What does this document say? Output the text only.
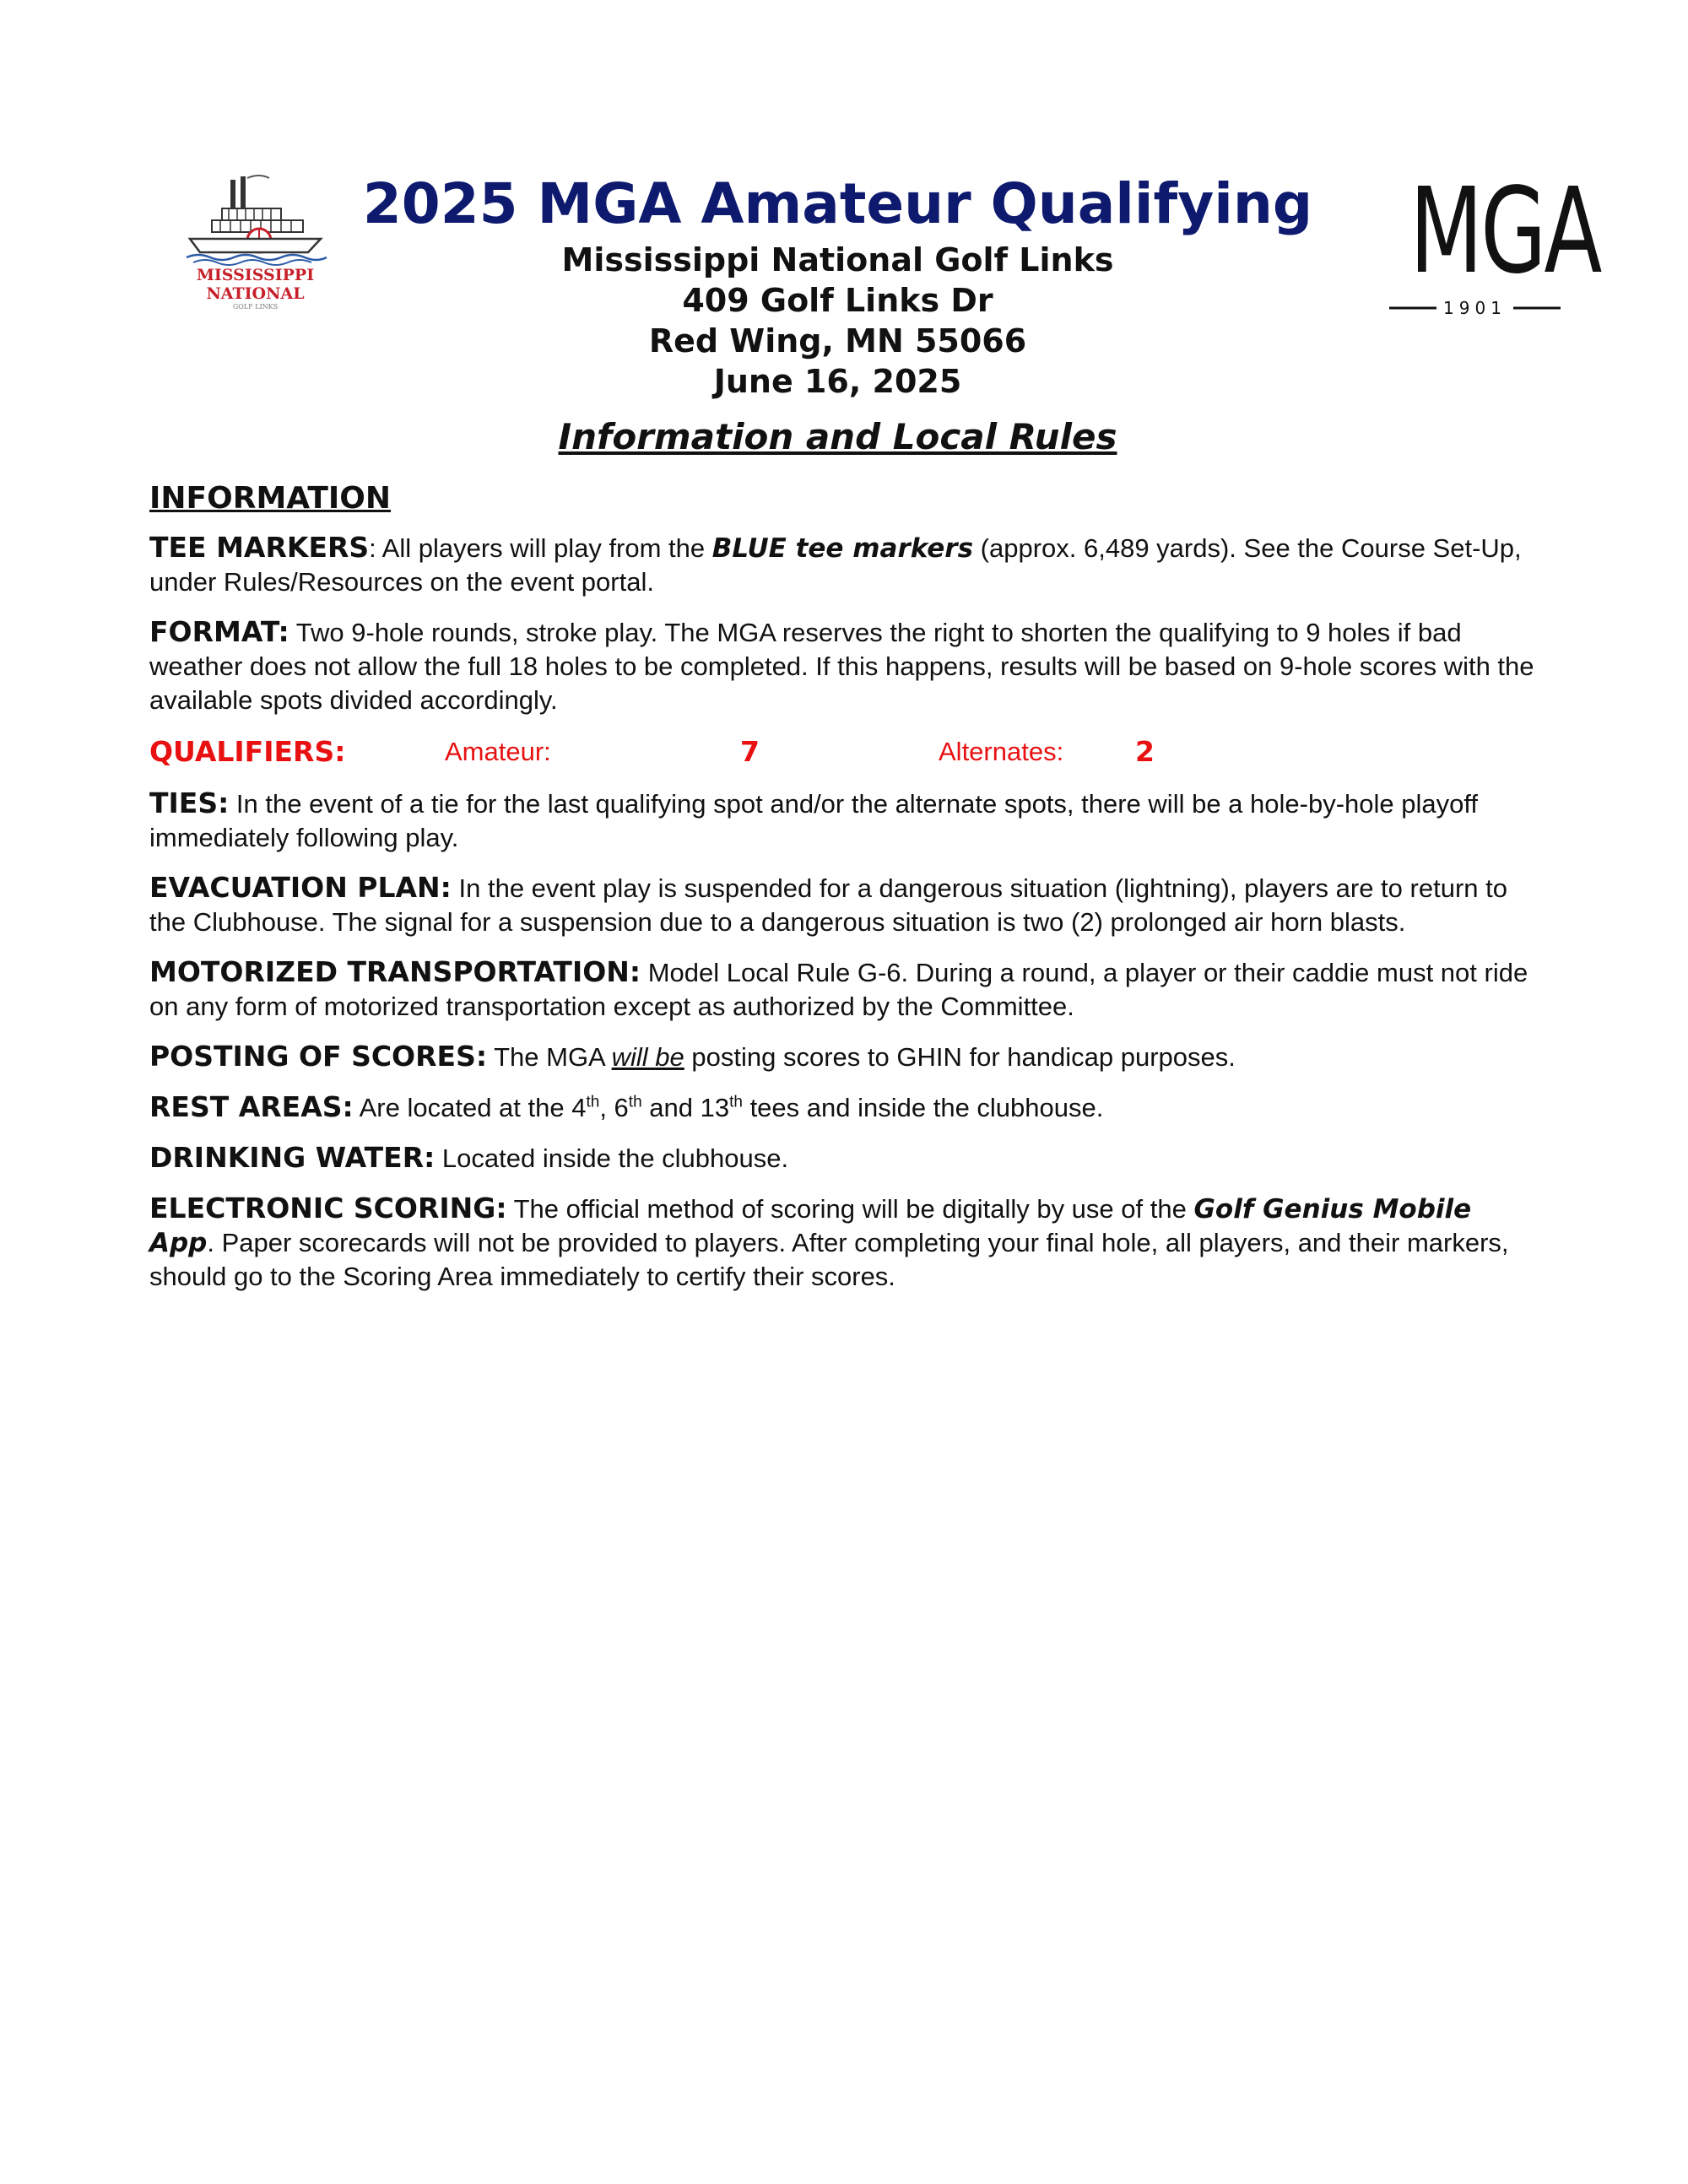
MISSISSIPPI
NATIONAL
GOLF LINKS
2025 MGA Amateur Qualifying
Mississippi National Golf Links
409 Golf Links Dr
Red Wing, MN 55066
June 16, 2025
MGA
1901
Information and Local Rules
INFORMATION

TEE MARKERS: All players will play from the BLUE tee markers (approx. 6,489 yards). See the Course Set-Up, under Rules/Resources on the event portal.

FORMAT: Two 9-hole rounds, stroke play. The MGA reserves the right to shorten the qualifying to 9 holes if bad weather does not allow the full 18 holes to be completed. If this happens, results will be based on 9-hole scores with the available spots divided accordingly.

QUALIFIERS:	Amateur:	7	Alternates:	2

TIES: In the event of a tie for the last qualifying spot and/or the alternate spots, there will be a hole-by-hole playoff immediately following play.

EVACUATION PLAN: In the event play is suspended for a dangerous situation (lightning), players are to return to the Clubhouse. The signal for a suspension due to a dangerous situation is two (2) prolonged air horn blasts.

MOTORIZED TRANSPORTATION: Model Local Rule G-6. During a round, a player or their caddie must not ride on any form of motorized transportation except as authorized by the Committee.

POSTING OF SCORES: The MGA will be posting scores to GHIN for handicap purposes.

REST AREAS: Are located at the 4th, 6th and 13th tees and inside the clubhouse.

DRINKING WATER: Located inside the clubhouse.

ELECTRONIC SCORING: The official method of scoring will be digitally by use of the Golf Genius Mobile App. Paper scorecards will not be provided to players. After completing your final hole, all players, and their markers, should go to the Scoring Area immediately to certify their scores.
